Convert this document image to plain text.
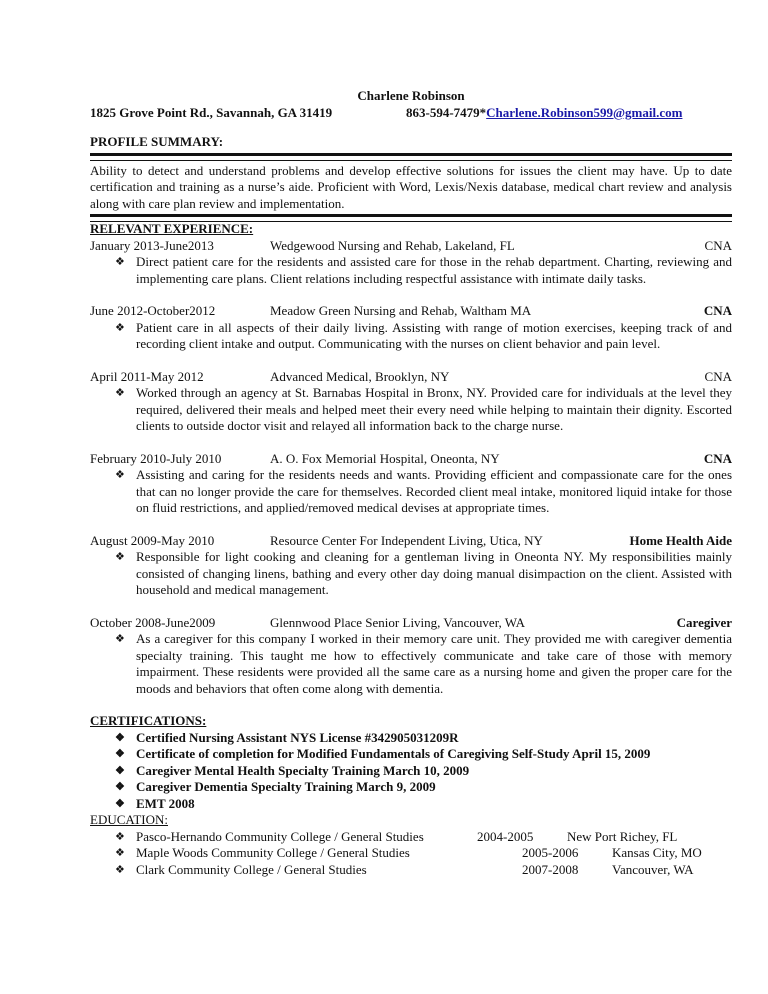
Charlene Robinson
1825 Grove Point Rd., Savannah, GA 31419	863-594-7479*Charlene.Robinson599@gmail.com
PROFILE SUMMARY:
Ability to detect and understand problems and develop effective solutions for issues the client may have. Up to date certification and training as a nurse’s aide. Proficient with Word, Lexis/Nexis database, medical chart review and analysis along with care plan review and implementation.
RELEVANT EXPERIENCE:
January 2013-June2013	Wedgewood Nursing and Rehab, Lakeland, FL	CNA
❖ Direct patient care for the residents and assisted care for those in the rehab department. Charting, reviewing and implementing care plans. Client relations including respectful assistance with intimate daily tasks.
June 2012-October2012	Meadow Green Nursing and Rehab, Waltham MA	CNA
❖ Patient care in all aspects of their daily living. Assisting with range of motion exercises, keeping track of and recording client intake and output. Communicating with the nurses on client behavior and pain level.
April 2011-May 2012	Advanced Medical, Brooklyn, NY	CNA
❖ Worked through an agency at St. Barnabas Hospital in Bronx, NY. Provided care for individuals at the level they required, delivered their meals and helped meet their every need while helping to maintain their dignity. Escorted clients to outside doctor visit and relayed all information back to the charge nurse.
February 2010-July 2010	A. O. Fox Memorial Hospital, Oneonta, NY	CNA
❖ Assisting and caring for the residents needs and wants. Providing efficient and compassionate care for the ones that can no longer provide the care for themselves. Recorded client meal intake, monitored liquid intake for those on fluid restrictions, and applied/removed medical devises at appropriate times.
August 2009-May 2010	Resource Center For Independent Living, Utica, NY	Home Health Aide
❖ Responsible for light cooking and cleaning for a gentleman living in Oneonta NY. My responsibilities mainly consisted of changing linens, bathing and every other day doing manual disimpaction on the client. Assisted with household and medical management.
October 2008-June2009	Glennwood Place Senior Living, Vancouver, WA	Caregiver
❖ As a caregiver for this company I worked in their memory care unit. They provided me with caregiver dementia specialty training. This taught me how to effectively communicate and take care of those with memory impairment. These residents were provided all the same care as a nursing home and given the proper care for the moods and behaviors that often come along with dementia.
CERTIFICATIONS:
❖ Certified Nursing Assistant NYS License #342905031209R
❖ Certificate of completion for Modified Fundamentals of Caregiving Self-Study April 15, 2009
❖ Caregiver Mental Health Specialty Training March 10, 2009
❖ Caregiver Dementia Specialty Training March 9, 2009
❖ EMT 2008
EDUCATION:
❖ Pasco-Hernando Community College / General Studies	2004-2005	New Port Richey, FL
❖ Maple Woods Community College / General Studies	2005-2006	Kansas City, MO
❖ Clark Community College / General Studies	2007-2008	Vancouver, WA
